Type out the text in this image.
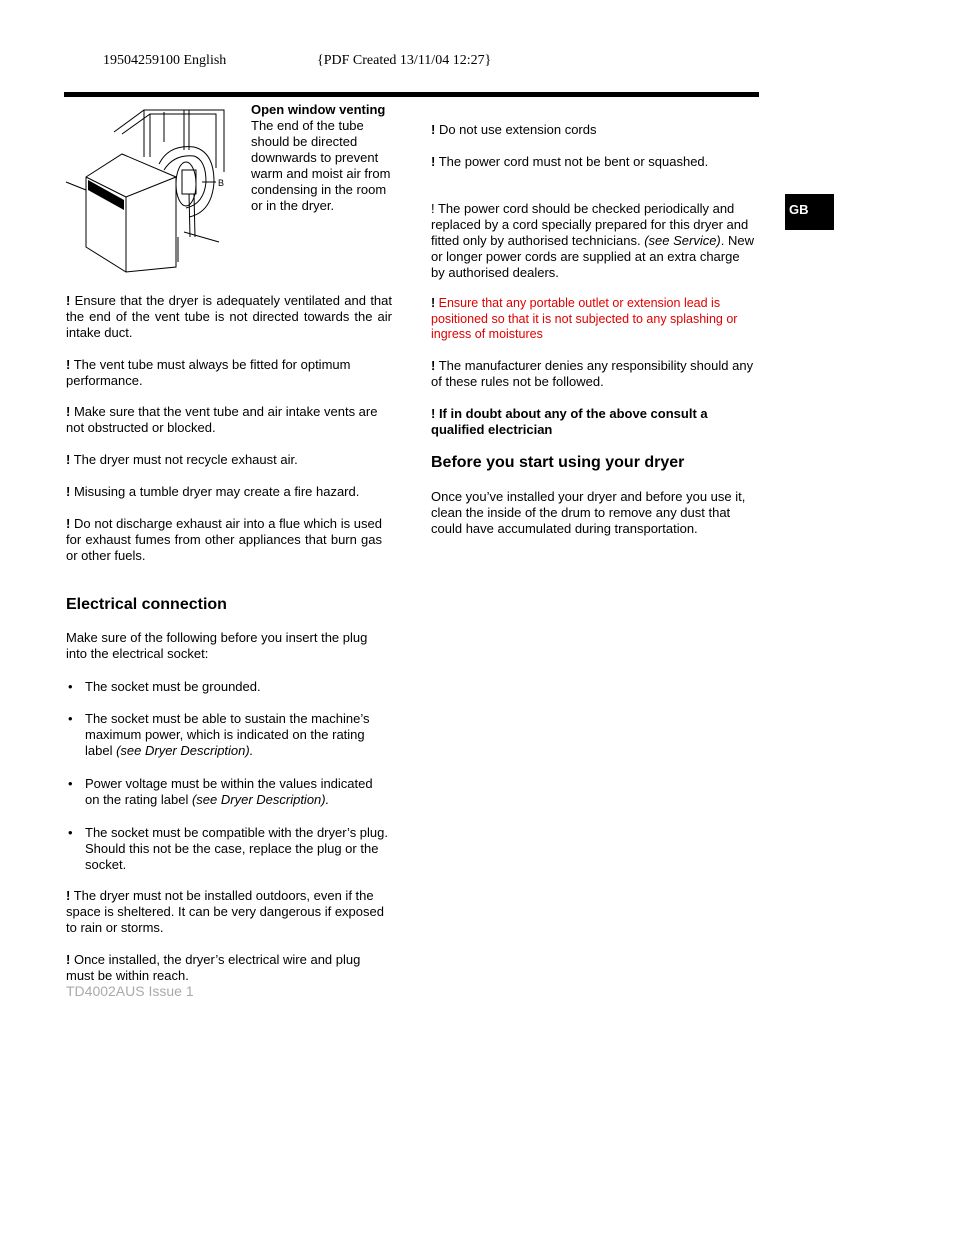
19504259100 English	{PDF Created 13/11/04 12:27}
GB
B
Open window venting
The end of the tube
should be directed
downwards to prevent
warm and moist air from
condensing in the room
or in the dryer.

! Ensure that the dryer is adequately ventilated and that the end of the vent tube is not directed towards the air intake duct.

! The vent tube must always be fitted for optimum performance.

! Make sure that the vent tube and air intake vents are not obstructed or blocked.

! The dryer must not recycle exhaust air.

! Misusing a tumble dryer may create a fire hazard.

! Do not discharge exhaust air into a flue which is used for exhaust fumes from other appliances that burn gas or other fuels.

Electrical connection

Make sure of the following before you insert the plug into the electrical socket:

• The socket must be grounded.
• The socket must be able to sustain the machine’s maximum power, which is indicated on the rating label (see Dryer Description).
• Power voltage must be within the values indicated on the rating label (see Dryer Description).
• The socket must be compatible with the dryer’s plug. Should this not be the case, replace the plug or the socket.

! The dryer must not be installed outdoors, even if the space is sheltered. It can be very dangerous if exposed to rain or storms.

! Once installed, the dryer’s electrical wire and plug must be within reach.

TD4002AUS Issue 1

! Do not use extension cords

! The power cord must not be bent or squashed.

! The power cord should be checked periodically and replaced by a cord specially prepared for this dryer and fitted only by authorised technicians. (see Service). New or longer power cords are supplied at an extra charge by authorised dealers.

! Ensure that any portable outlet or extension lead is positioned so that it is not subjected to any splashing or ingress of moistures

! The manufacturer denies any responsibility should any of these rules not be followed.

! If in doubt about any of the above consult a qualified electrician

Before you start using your dryer

Once you’ve installed your dryer and before you use it, clean the inside of the drum to remove any dust that could have accumulated during transportation.
